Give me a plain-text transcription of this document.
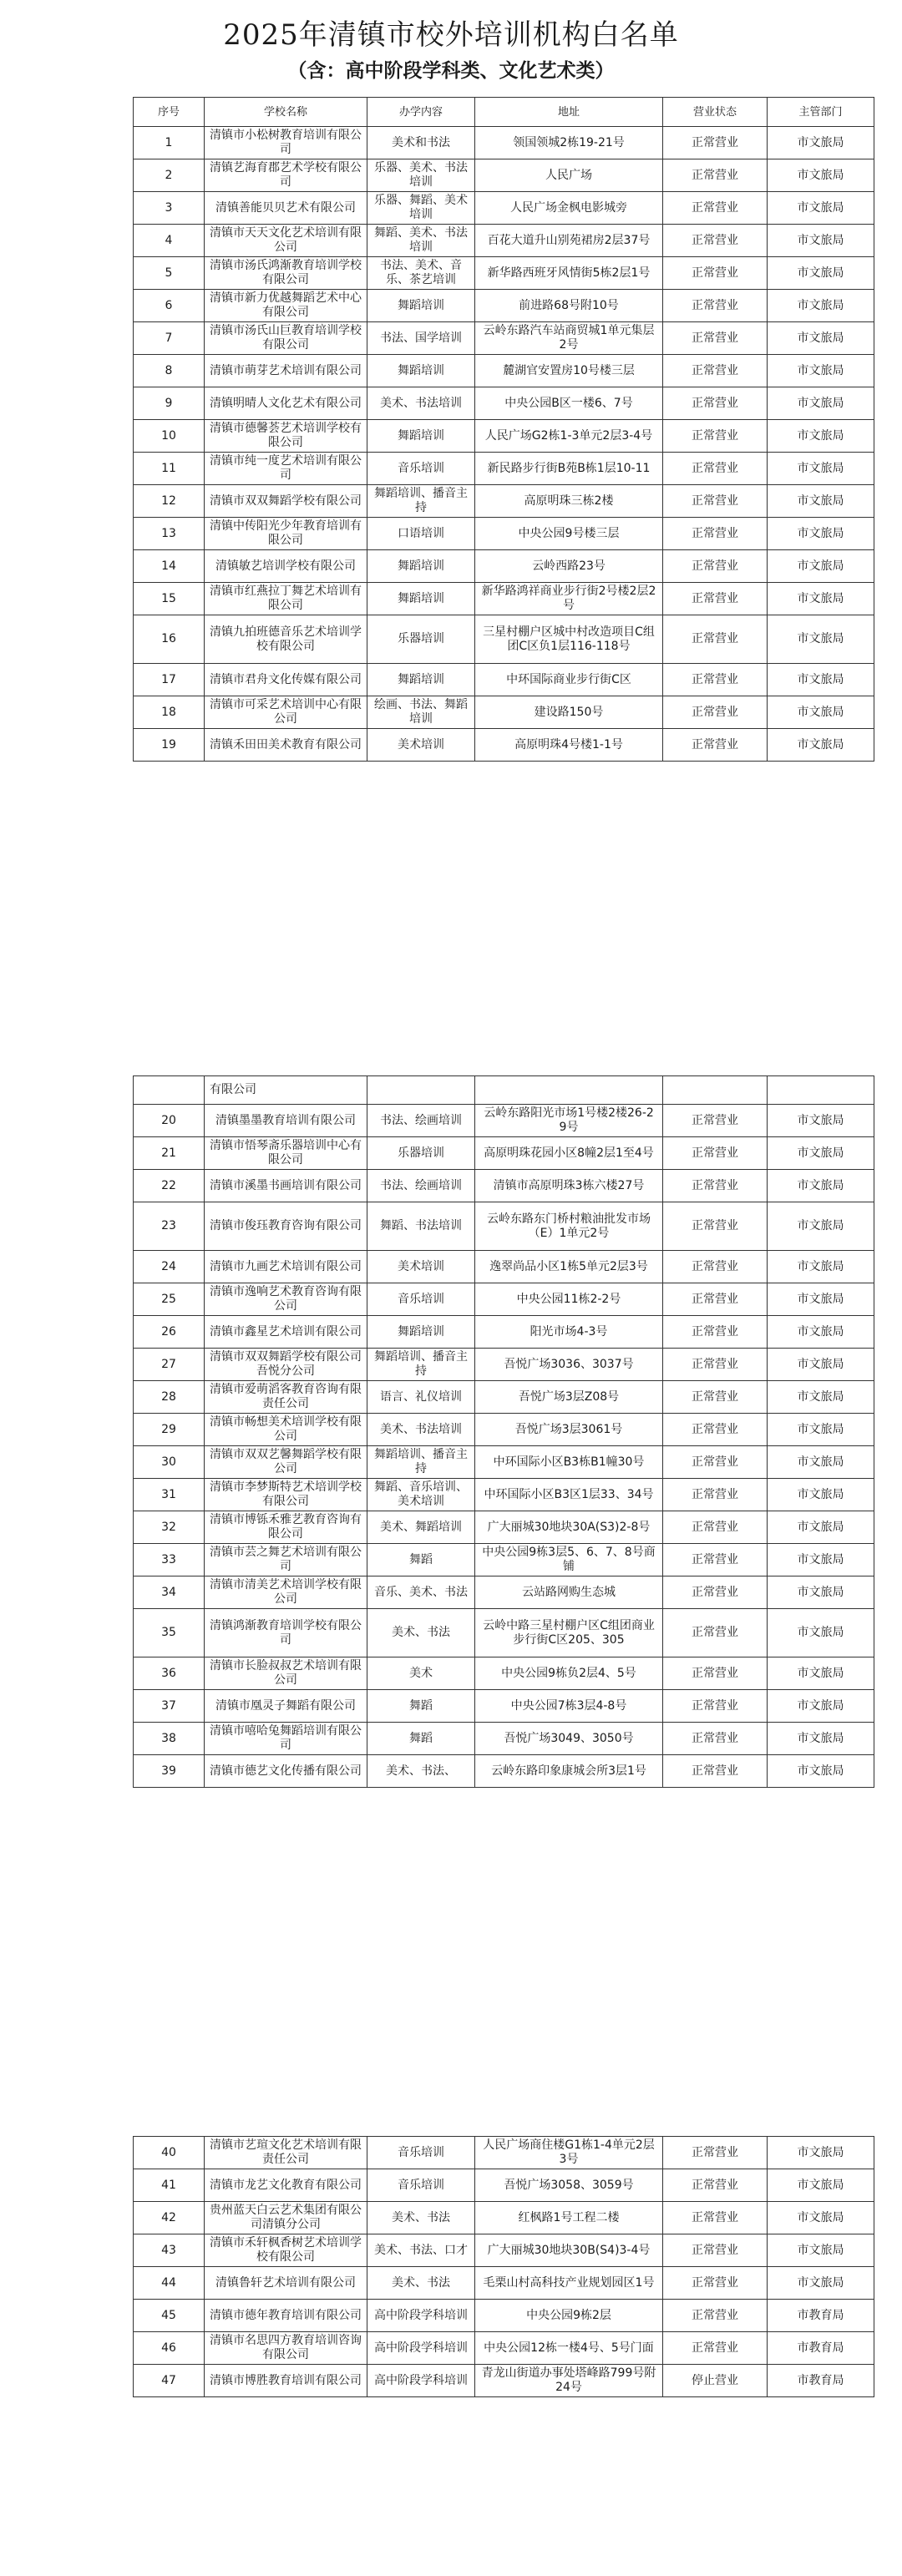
2025年清镇市校外培训机构白名单
（含：高中阶段学科类、文化艺术类）
序号	学校名称	办学内容	地址	营业状态	主管部门
1	清镇市小松树教育培训有限公司	美术和书法	领国领城2栋19-21号	正常营业	市文旅局
2	清镇艺海育郡艺术学校有限公司	乐器、美术、书法培训	人民广场	正常营业	市文旅局
3	清镇善能贝贝艺术有限公司	乐器、舞蹈、美术培训	人民广场金枫电影城旁	正常营业	市文旅局
4	清镇市天天文化艺术培训有限公司	舞蹈、美术、书法培训	百花大道升山别苑裙房2层37号	正常营业	市文旅局
5	清镇市汤氏鸿渐教育培训学校有限公司	书法、美术、音乐、茶艺培训	新华路西班牙风情街5栋2层1号	正常营业	市文旅局
6	清镇市新力优越舞蹈艺术中心有限公司	舞蹈培训	前进路68号附10号	正常营业	市文旅局
7	清镇市汤氏山巨教育培训学校有限公司	书法、国学培训	云岭东路汽车站商贸城1单元集层2号	正常营业	市文旅局
8	清镇市萌芽艺术培训有限公司	舞蹈培训	麓湖官安置房10号楼三层	正常营业	市文旅局
9	清镇明晴人文化艺术有限公司	美术、书法培训	中央公园B区一楼6、7号	正常营业	市文旅局
10	清镇市德馨荟艺术培训学校有限公司	舞蹈培训	人民广场G2栋1-3单元2层3-4号	正常营业	市文旅局
11	清镇市纯一度艺术培训有限公司	音乐培训	新民路步行街B苑B栋1层10-11	正常营业	市文旅局
12	清镇市双双舞蹈学校有限公司	舞蹈培训、播音主持	高原明珠三栋2楼	正常营业	市文旅局
13	清镇中传阳光少年教育培训有限公司	口语培训	中央公园9号楼三层	正常营业	市文旅局
14	清镇敏艺培训学校有限公司	舞蹈培训	云岭西路23号	正常营业	市文旅局
15	清镇市红燕拉丁舞艺术培训有限公司	舞蹈培训	新华路鸿祥商业步行街2号楼2层2号	正常营业	市文旅局
16	清镇九拍班德音乐艺术培训学校有限公司	乐器培训	三星村棚户区城中村改造项目C组团C区负1层116-118号	正常营业	市文旅局
17	清镇市君舟文化传媒有限公司	舞蹈培训	中环国际商业步行街C区	正常营业	市文旅局
18	清镇市可采艺术培训中心有限公司	绘画、书法、舞蹈培训	建设路150号	正常营业	市文旅局
19	清镇禾田田美术教育有限公司	美术培训	高原明珠4号楼1-1号	正常营业	市文旅局
	有限公司				
20	清镇墨墨教育培训有限公司	书法、绘画培训	云岭东路阳光市场1号楼2楼26-29号	正常营业	市文旅局
21	清镇市悟琴斋乐器培训中心有限公司	乐器培训	高原明珠花园小区8幢2层1至4号	正常营业	市文旅局
22	清镇市溪墨书画培训有限公司	书法、绘画培训	清镇市高原明珠3栋六楼27号	正常营业	市文旅局
23	清镇市俊珏教育咨询有限公司	舞蹈、书法培训	云岭东路东门桥村粮油批发市场（E）1单元2号	正常营业	市文旅局
24	清镇市九画艺术培训有限公司	美术培训	逸翠尚品小区1栋5单元2层3号	正常营业	市文旅局
25	清镇市逸响艺术教育咨询有限公司	音乐培训	中央公园11栋2-2号	正常营业	市文旅局
26	清镇市鑫星艺术培训有限公司	舞蹈培训	阳光市场4-3号	正常营业	市文旅局
27	清镇市双双舞蹈学校有限公司吾悦分公司	舞蹈培训、播音主持	吾悦广场3036、3037号	正常营业	市文旅局
28	清镇市爱萌滔客教育咨询有限责任公司	语言、礼仪培训	吾悦广场3层Z08号	正常营业	市文旅局
29	清镇市畅想美术培训学校有限公司	美术、书法培训	吾悦广场3层3061号	正常营业	市文旅局
30	清镇市双双艺馨舞蹈学校有限公司	舞蹈培训、播音主持	中环国际小区B3栋B1幢30号	正常营业	市文旅局
31	清镇市李梦斯特艺术培训学校有限公司	舞蹈、音乐培训、美术培训	中环国际小区B3区1层33、34号	正常营业	市文旅局
32	清镇市博铄禾雅艺教育咨询有限公司	美术、舞蹈培训	广大丽城30地块30A(S3)2-8号	正常营业	市文旅局
33	清镇市芸之舞艺术培训有限公司	舞蹈	中央公园9栋3层5、6、7、8号商铺	正常营业	市文旅局
34	清镇市清美艺术培训学校有限公司	音乐、美术、书法	云站路网购生态城	正常营业	市文旅局
35	清镇鸿渐教育培训学校有限公司	美术、书法	云岭中路三星村棚户区C组团商业步行街C区205、305	正常营业	市文旅局
36	清镇市长脸叔叔艺术培训有限公司	美术	中央公园9栋负2层4、5号	正常营业	市文旅局
37	清镇市凰灵子舞蹈有限公司	舞蹈	中央公园7栋3层4-8号	正常营业	市文旅局
38	清镇市嘻哈兔舞蹈培训有限公司	舞蹈	吾悦广场3049、3050号	正常营业	市文旅局
39	清镇市德艺文化传播有限公司	美术、书法、	云岭东路印象康城会所3层1号	正常营业	市文旅局
40	清镇市艺瑄文化艺术培训有限责任公司	音乐培训	人民广场商住楼G1栋1-4单元2层3号	正常营业	市文旅局
41	清镇市龙艺文化教育有限公司	音乐培训	吾悦广场3058、3059号	正常营业	市文旅局
42	贵州蓝天白云艺术集团有限公司清镇分公司	美术、书法	红枫路1号工程二楼	正常营业	市文旅局
43	清镇市禾轩枫香树艺术培训学校有限公司	美术、书法、口才	广大丽城30地块30B(S4)3-4号	正常营业	市文旅局
44	清镇鲁轩艺术培训有限公司	美术、书法	毛栗山村高科技产业规划园区1号	正常营业	市文旅局
45	清镇市德年教育培训有限公司	高中阶段学科培训	中央公园9栋2层	正常营业	市教育局
46	清镇市名思四方教育培训咨询有限公司	高中阶段学科培训	中央公园12栋一楼4号、5号门面	正常营业	市教育局
47	清镇市博胜教育培训有限公司	高中阶段学科培训	青龙山街道办事处塔峰路799号附24号	停止营业	市教育局
